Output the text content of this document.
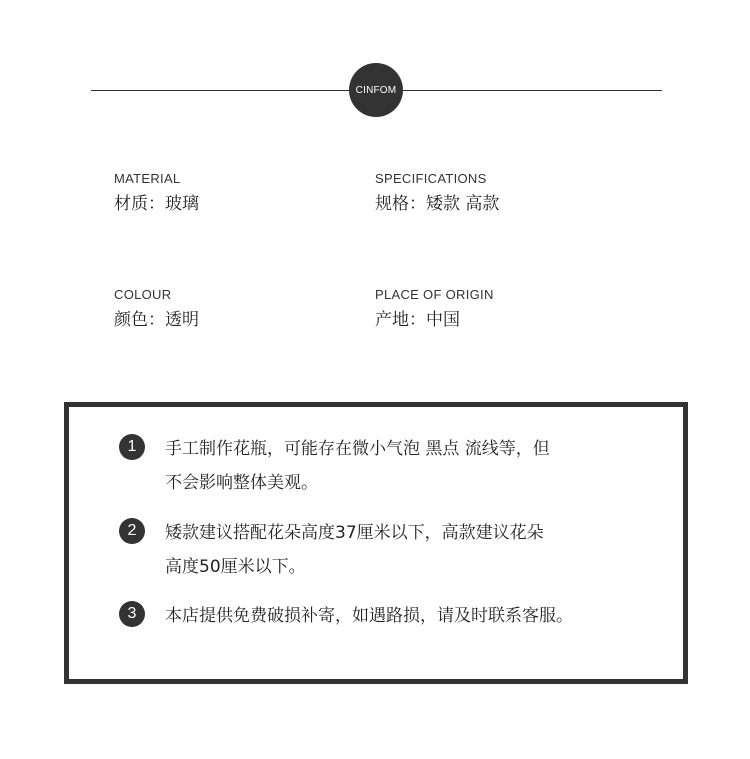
CINFOM
MATERIAL
材质：玻璃
SPECIFICATIONS
规格：矮款 高款
COLOUR
颜色：透明
PLACE OF ORIGIN
产地：中国
1	手工制作花瓶，可能存在微小气泡 黑点 流线等，但
不会影响整体美观。
2	矮款建议搭配花朵高度37厘米以下，高款建议花朵
高度50厘米以下。
3	本店提供免费破损补寄，如遇路损，请及时联系客服。
